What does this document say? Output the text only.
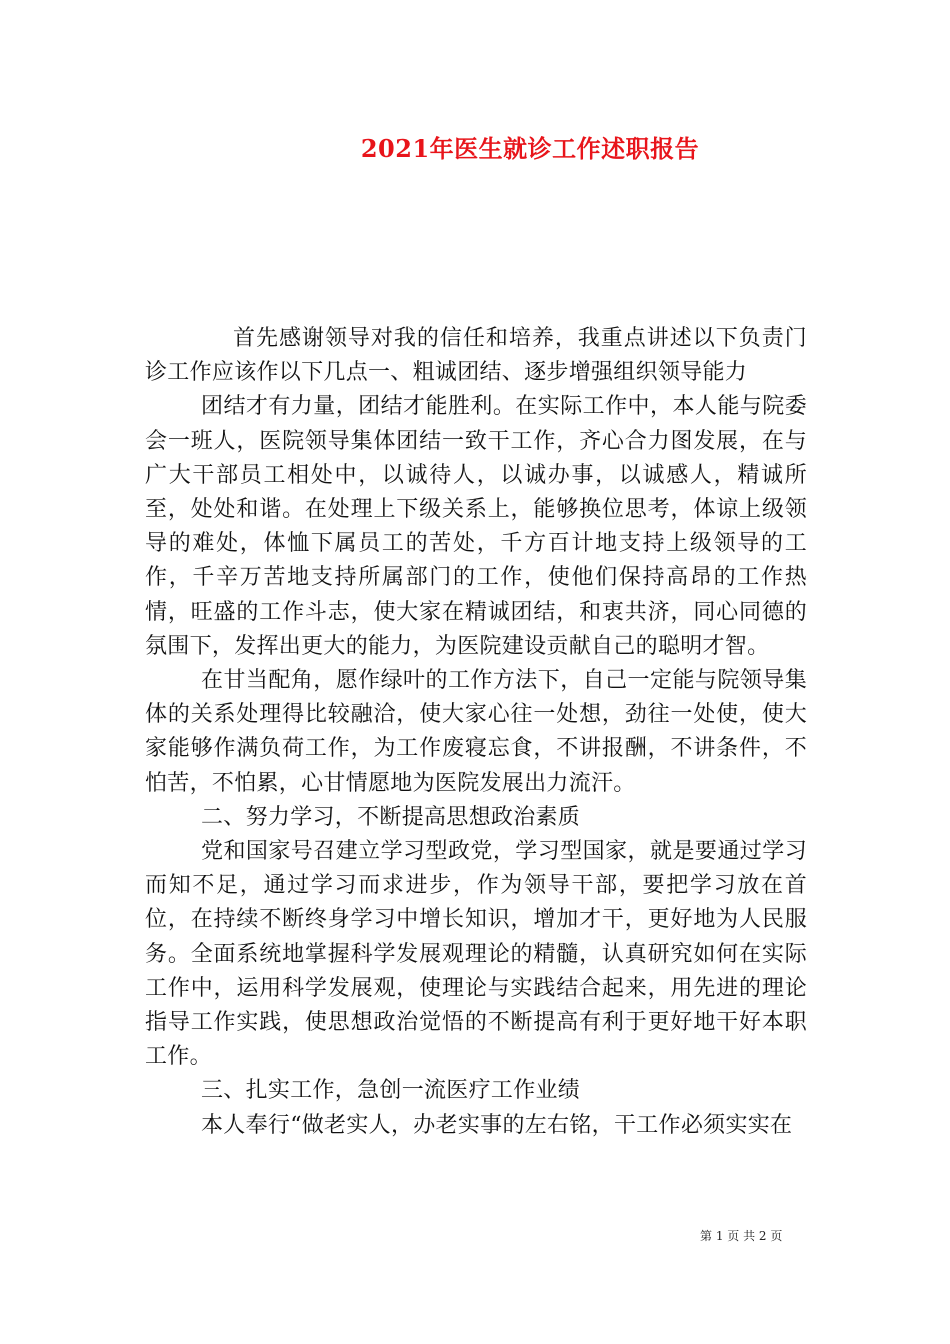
2021年医生就诊工作述职报告

首先感谢领导对我的信任和培养，我重点讲述以下负责门诊工作应该作以下几点一、粗诚团结、逐步增强组织领导能力

团结才有力量，团结才能胜利。在实际工作中，本人能与院委会一班人，医院领导集体团结一致干工作，齐心合力图发展，在与广大干部员工相处中，以诚待人，以诚办事，以诚感人，精诚所至，处处和谐。在处理上下级关系上，能够换位思考，体谅上级领导的难处，体恤下属员工的苦处，千方百计地支持上级领导的工作，千辛万苦地支持所属部门的工作，使他们保持高昂的工作热情，旺盛的工作斗志，使大家在精诚团结，和衷共济，同心同德的氛围下，发挥出更大的能力，为医院建设贡献自己的聪明才智。

在甘当配角，愿作绿叶的工作方法下，自己一定能与院领导集体的关系处理得比较融洽，使大家心往一处想，劲往一处使，使大家能够作满负荷工作，为工作废寝忘食，不讲报酬，不讲条件，不怕苦，不怕累，心甘情愿地为医院发展出力流汗。

二、努力学习，不断提高思想政治素质

党和国家号召建立学习型政党，学习型国家，就是要通过学习而知不足，通过学习而求进步，作为领导干部，要把学习放在首位，在持续不断终身学习中增长知识，增加才干，更好地为人民服务。全面系统地掌握科学发展观理论的精髓，认真研究如何在实际工作中，运用科学发展观，使理论与实践结合起来，用先进的理论指导工作实践，使思想政治觉悟的不断提高有利于更好地干好本职工作。

三、扎实工作，急创一流医疗工作业绩

本人奉行“做老实人，办老实事的左右铭，干工作必须实实在

第 1 页 共 2 页
